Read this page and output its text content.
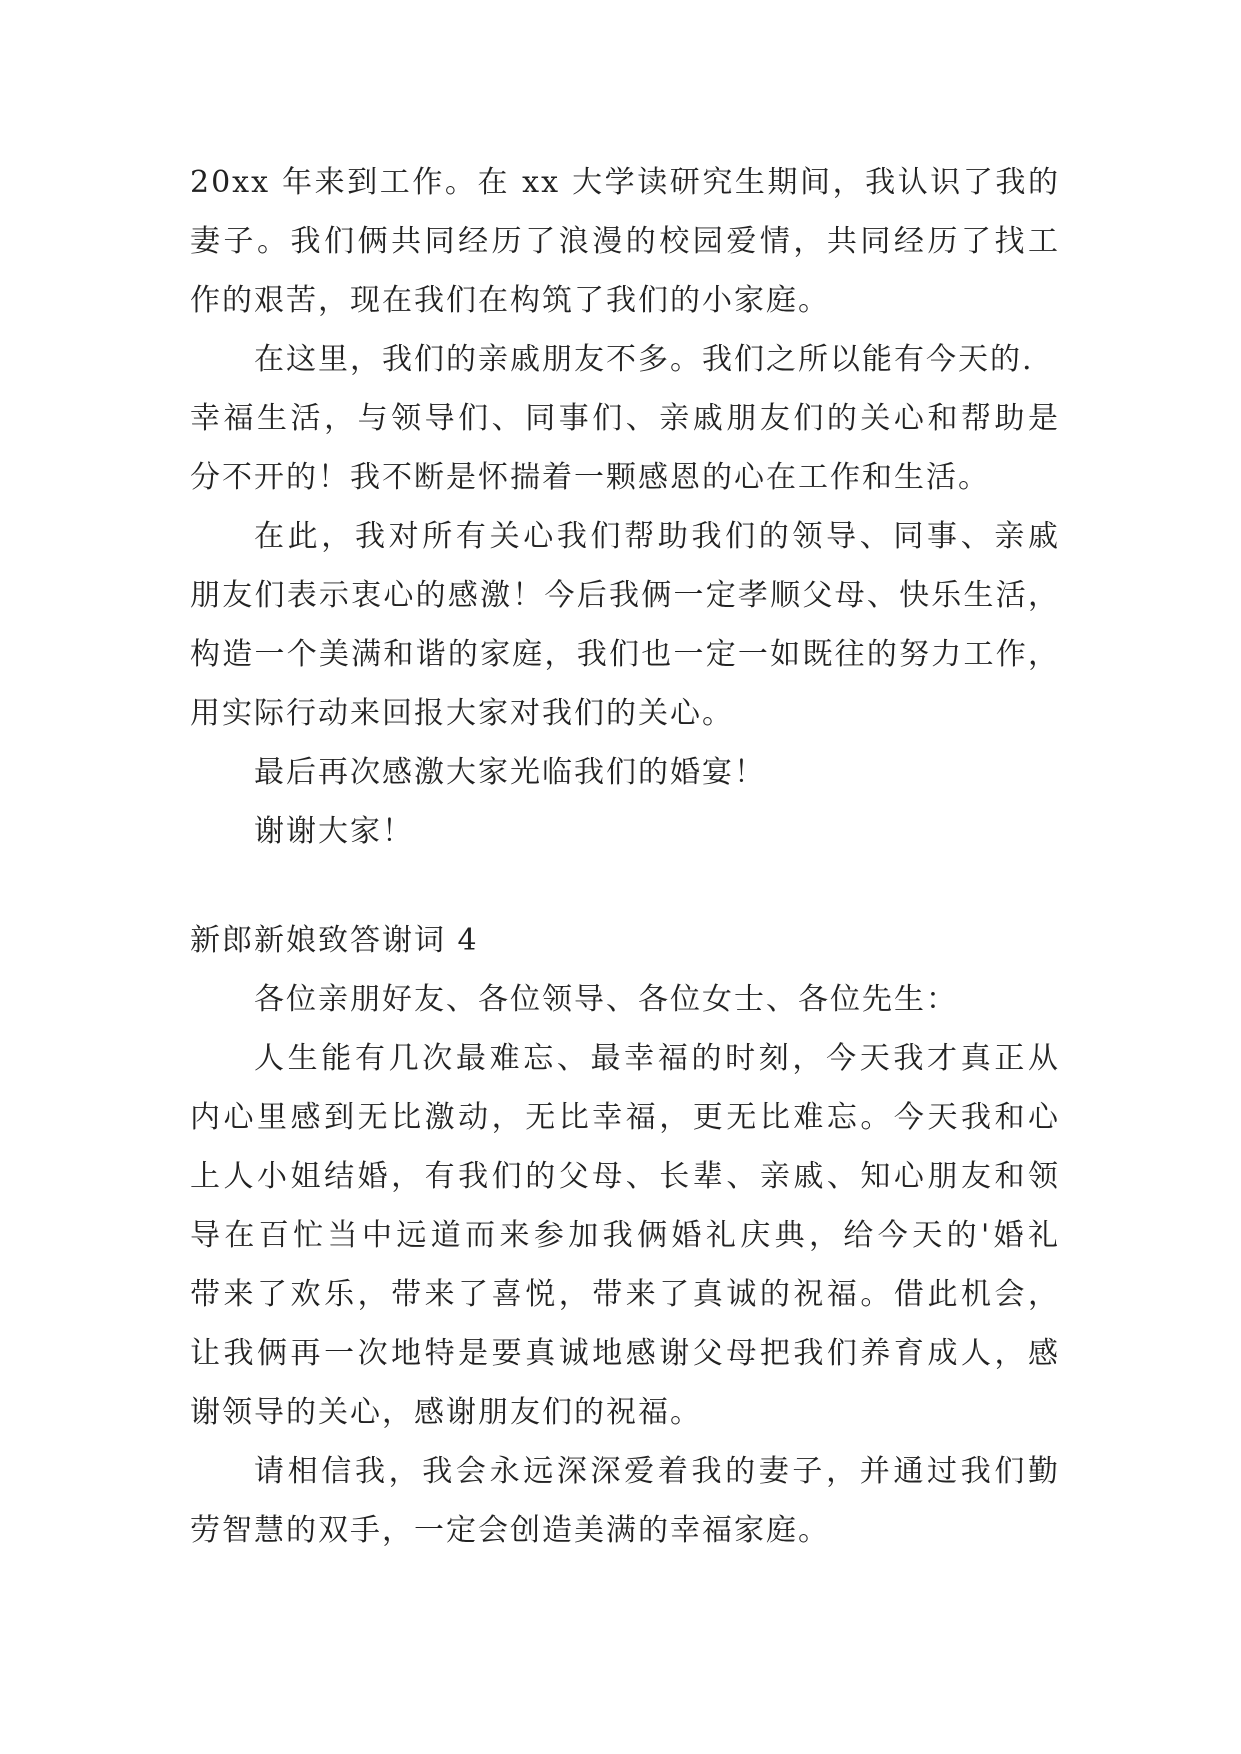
20xx 年来到工作。在 xx 大学读研究生期间，我认识了我的
妻子。我们俩共同经历了浪漫的校园爱情，共同经历了找工
作的艰苦，现在我们在构筑了我们的小家庭。
在这里，我们的亲戚朋友不多。我们之所以能有今天的.
幸福生活，与领导们、同事们、亲戚朋友们的关心和帮助是
分不开的！我不断是怀揣着一颗感恩的心在工作和生活。
在此，我对所有关心我们帮助我们的领导、同事、亲戚
朋友们表示衷心的感激！今后我俩一定孝顺父母、快乐生活，
构造一个美满和谐的家庭，我们也一定一如既往的努力工作，
用实际行动来回报大家对我们的关心。
最后再次感激大家光临我们的婚宴！
谢谢大家！
新郎新娘致答谢词 4
各位亲朋好友、各位领导、各位女士、各位先生：
人生能有几次最难忘、最幸福的时刻，今天我才真正从
内心里感到无比激动，无比幸福，更无比难忘。今天我和心
上人小姐结婚，有我们的父母、长辈、亲戚、知心朋友和领
导在百忙当中远道而来参加我俩婚礼庆典，给今天的'婚礼
带来了欢乐，带来了喜悦，带来了真诚的祝福。借此机会，
让我俩再一次地特是要真诚地感谢父母把我们养育成人，感
谢领导的关心，感谢朋友们的祝福。
请相信我，我会永远深深爱着我的妻子，并通过我们勤
劳智慧的双手，一定会创造美满的幸福家庭。
